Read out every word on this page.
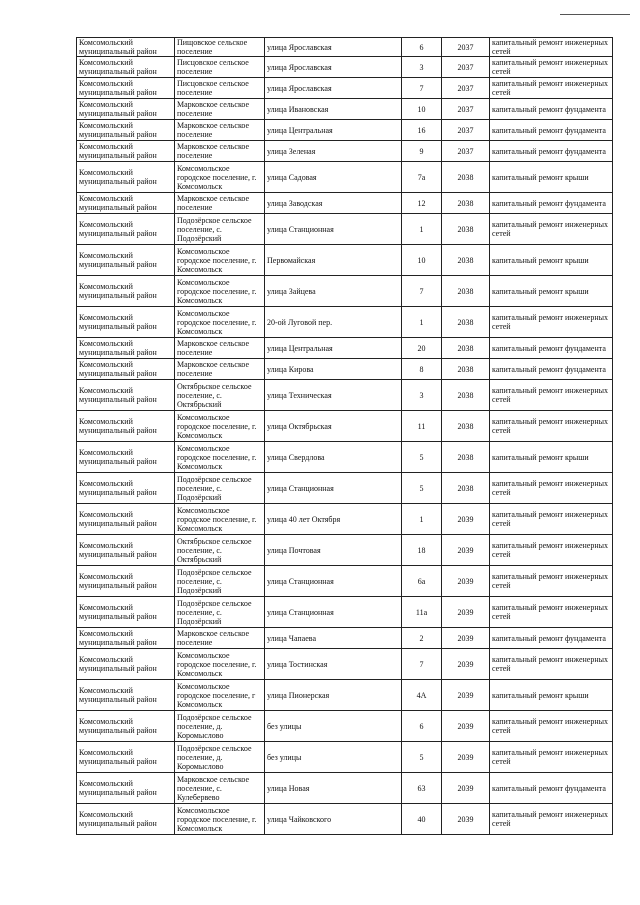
Комсомольский муниципальный район	Пищовское сельское поселение	улица Ярославская	6	2037	капитальный ремонт инженерных сетей
Комсомольский муниципальный район	Писцовское сельское поселение	улица Ярославская	3	2037	капитальный ремонт инженерных сетей
Комсомольский муниципальный район	Писцовское сельское поселение	улица Ярославская	7	2037	капитальный ремонт инженерных сетей
Комсомольский муниципальный район	Марковское сельское поселение	улица Ивановская	10	2037	капитальный ремонт фундамента
Комсомольский муниципальный район	Марковское сельское поселение	улица Центральная	16	2037	капитальный ремонт фундамента
Комсомольский муниципальный район	Марковское сельское поселение	улица Зеленая	9	2037	капитальный ремонт фундамента
Комсомольский муниципальный район	Комсомольское городское поселение, г. Комсомольск	улица Садовая	7а	2038	капитальный ремонт крыши
Комсомольский муниципальный район	Марковское сельское поселение	улица Заводская	12	2038	капитальный ремонт фундамента
Комсомольский муниципальный район	Подозёрское сельское поселение, с. Подозёрский	улица Станционная	1	2038	капитальный ремонт инженерных сетей
Комсомольский муниципальный район	Комсомольское городское поселение, г. Комсомольск	Первомайская	10	2038	капитальный ремонт крыши
Комсомольский муниципальный район	Комсомольское городское поселение, г. Комсомольск	улица Зайцева	7	2038	капитальный ремонт крыши
Комсомольский муниципальный район	Комсомольское городское поселение, г. Комсомольск	20-ой Луговой пер.	1	2038	капитальный ремонт инженерных сетей
Комсомольский муниципальный район	Марковское сельское поселение	улица Центральная	20	2038	капитальный ремонт фундамента
Комсомольский муниципальный район	Марковское сельское поселение	улица Кирова	8	2038	капитальный ремонт фундамента
Комсомольский муниципальный район	Октябрьское сельское поселение, с. Октябрьский	улица Техническая	3	2038	капитальный ремонт инженерных сетей
Комсомольский муниципальный район	Комсомольское городское поселение, г. Комсомольск	улица Октябрьская	11	2038	капитальный ремонт инженерных сетей
Комсомольский муниципальный район	Комсомольское городское поселение, г. Комсомольск	улица Свердлова	5	2038	капитальный ремонт крыши
Комсомольский муниципальный район	Подозёрское сельское поселение, с. Подозёрский	улица Станционная	5	2038	капитальный ремонт инженерных сетей
Комсомольский муниципальный район	Комсомольское городское поселение, г. Комсомольск	улица 40 лет Октября	1	2039	капитальный ремонт инженерных сетей
Комсомольский муниципальный район	Октябрьское сельское поселение, с. Октябрьский	улица Почтовая	18	2039	капитальный ремонт инженерных сетей
Комсомольский муниципальный район	Подозёрское сельское поселение, с. Подозёрский	улица Станционная	6а	2039	капитальный ремонт инженерных сетей
Комсомольский муниципальный район	Подозёрское сельское поселение, с. Подозёрский	улица Станционная	11а	2039	капитальный ремонт инженерных сетей
Комсомольский муниципальный район	Марковское сельское поселение	улица Чапаева	2	2039	капитальный ремонт фундамента
Комсомольский муниципальный район	Комсомольское городское поселение, г. Комсомольск	улица Тостинская	7	2039	капитальный ремонт инженерных сетей
Комсомольский муниципальный район	Комсомольское городское поселение, г Комсомольск	улица Пионерская	4А	2039	капитальный ремонт крыши
Комсомольский муниципальный район	Подозёрское сельское поселение, д. Коромыслово	без улицы	6	2039	капитальный ремонт инженерных сетей
Комсомольский муниципальный район	Подозёрское сельское поселение, д. Коромыслово	без улицы	5	2039	капитальный ремонт инженерных сетей
Комсомольский муниципальный район	Марковское сельское поселение, с. Кулебервево	улица Новая	63	2039	капитальный ремонт фундамента
Комсомольский муниципальный район	Комсомольское городское поселение, г. Комсомольск	улица Чайковского	40	2039	капитальный ремонт инженерных сетей
